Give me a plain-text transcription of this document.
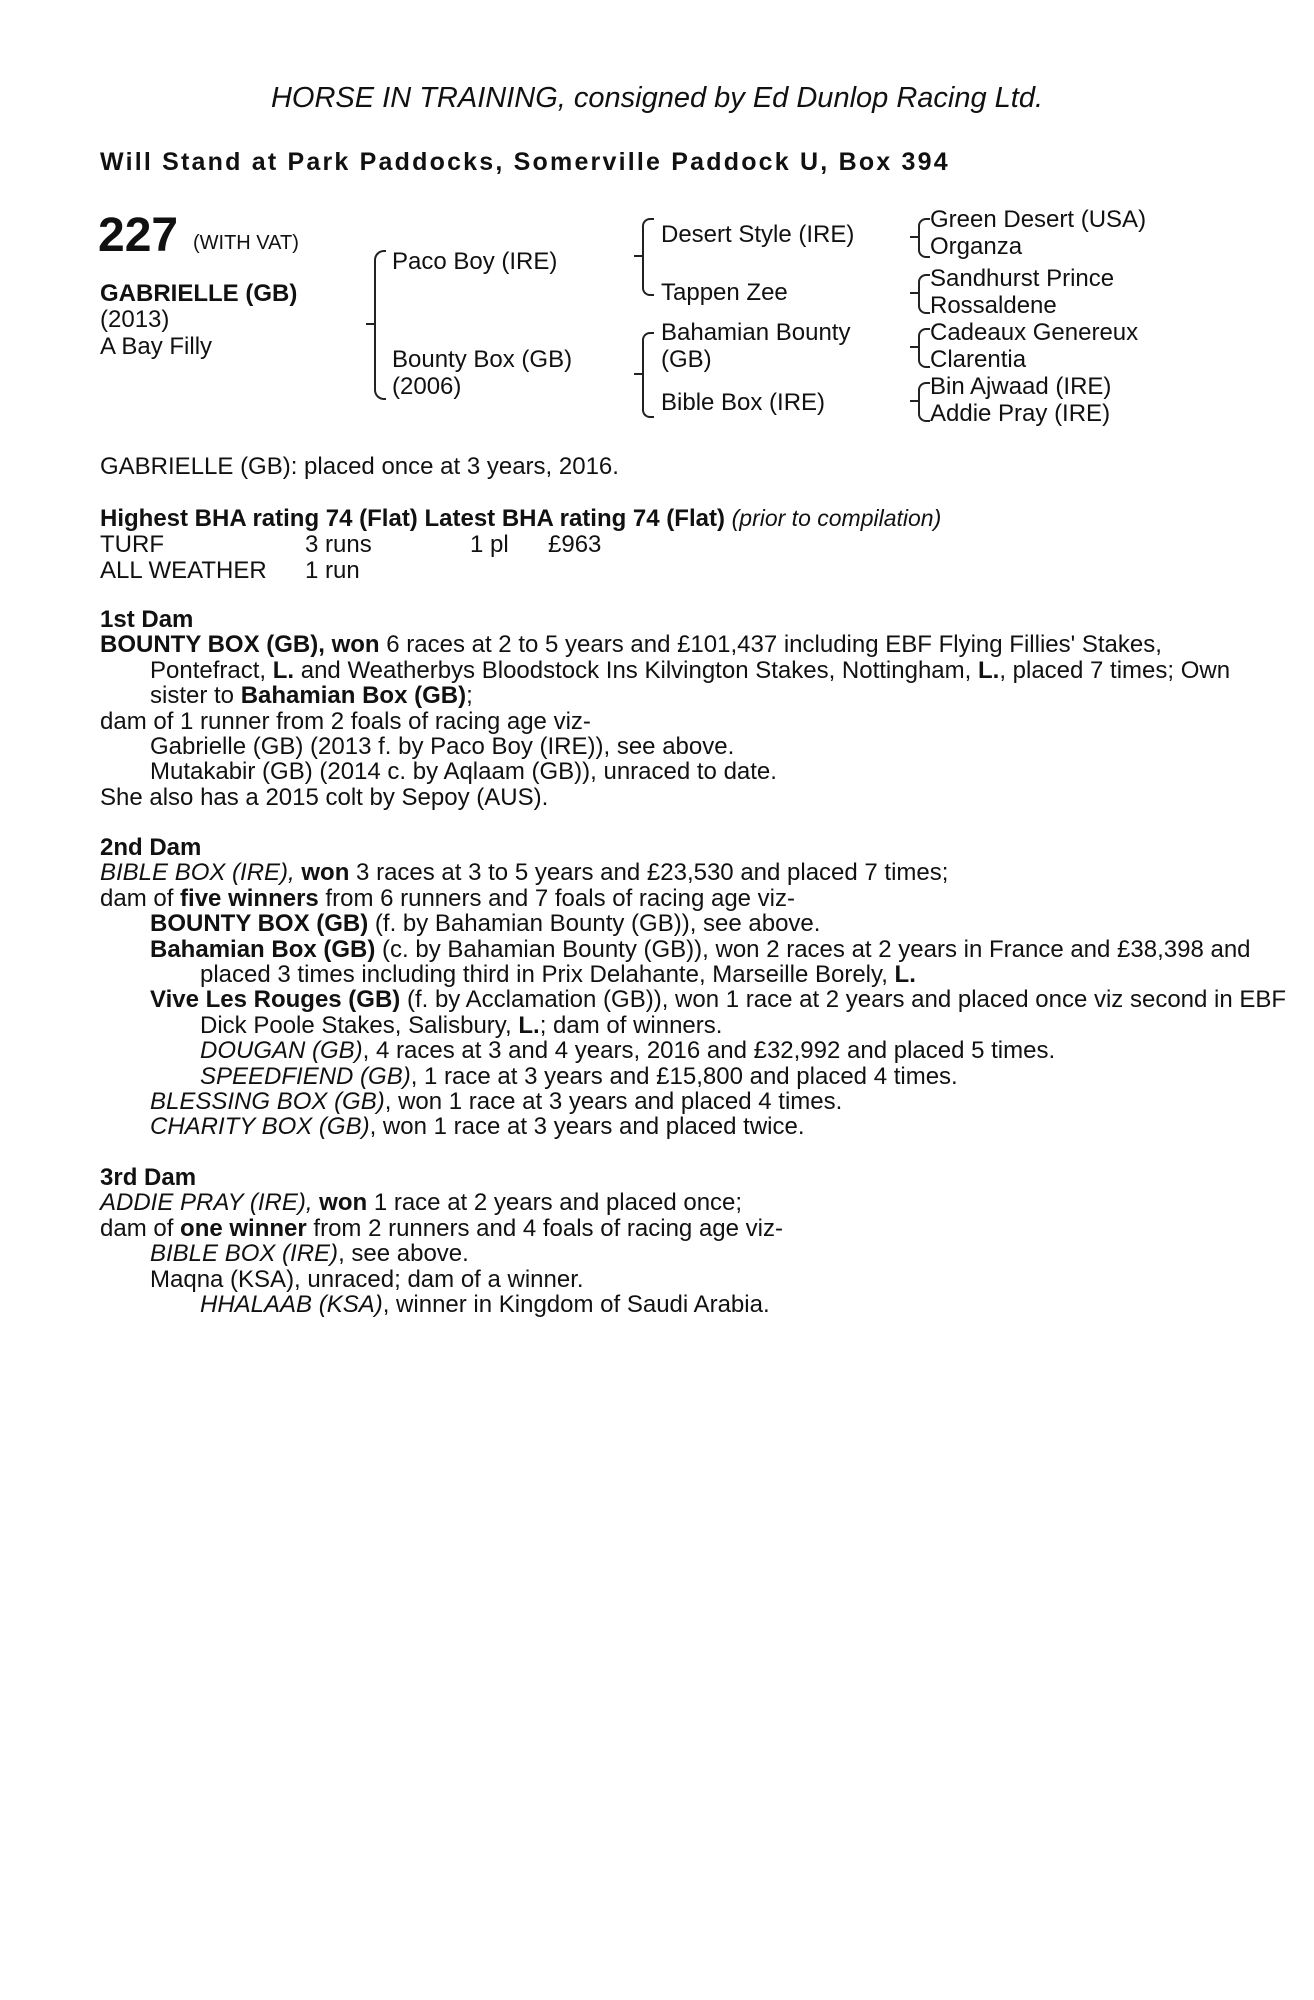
HORSE IN TRAINING, consigned by Ed Dunlop Racing Ltd.
Will Stand at Park Paddocks, Somerville Paddock U, Box 394
227 (WITH VAT)
GABRIELLE (GB)
(2013)
A Bay Filly
Paco Boy (IRE)
Bounty Box (GB)
(2006)
Desert Style (IRE)
Tappen Zee
Bahamian Bounty
(GB)
Bible Box (IRE)
Green Desert (USA)
Organza
Sandhurst Prince
Rossaldene
Cadeaux Genereux
Clarentia
Bin Ajwaad (IRE)
Addie Pray (IRE)
GABRIELLE (GB): placed once at 3 years, 2016.
Highest BHA rating 74 (Flat) Latest BHA rating 74 (Flat) (prior to compilation)
TURF	3 runs	1 pl £963
ALL WEATHER 1 run
1st Dam
BOUNTY BOX (GB), won 6 races at 2 to 5 years and £101,437 including EBF Flying Fillies' Stakes, Pontefract, L. and Weatherbys Bloodstock Ins Kilvington Stakes, Nottingham, L., placed 7 times; Own sister to Bahamian Box (GB);
dam of 1 runner from 2 foals of racing age viz-
Gabrielle (GB) (2013 f. by Paco Boy (IRE)), see above.
Mutakabir (GB) (2014 c. by Aqlaam (GB)), unraced to date.
She also has a 2015 colt by Sepoy (AUS).
2nd Dam
BIBLE BOX (IRE), won 3 races at 3 to 5 years and £23,530 and placed 7 times;
dam of five winners from 6 runners and 7 foals of racing age viz-
BOUNTY BOX (GB) (f. by Bahamian Bounty (GB)), see above.
Bahamian Box (GB) (c. by Bahamian Bounty (GB)), won 2 races at 2 years in France and £38,398 and placed 3 times including third in Prix Delahante, Marseille Borely, L.
Vive Les Rouges (GB) (f. by Acclamation (GB)), won 1 race at 2 years and placed once viz second in EBF Dick Poole Stakes, Salisbury, L.; dam of winners.
DOUGAN (GB), 4 races at 3 and 4 years, 2016 and £32,992 and placed 5 times.
SPEEDFIEND (GB), 1 race at 3 years and £15,800 and placed 4 times.
BLESSING BOX (GB), won 1 race at 3 years and placed 4 times.
CHARITY BOX (GB), won 1 race at 3 years and placed twice.
3rd Dam
ADDIE PRAY (IRE), won 1 race at 2 years and placed once;
dam of one winner from 2 runners and 4 foals of racing age viz-
BIBLE BOX (IRE), see above.
Maqna (KSA), unraced; dam of a winner.
HHALAAB (KSA), winner in Kingdom of Saudi Arabia.
